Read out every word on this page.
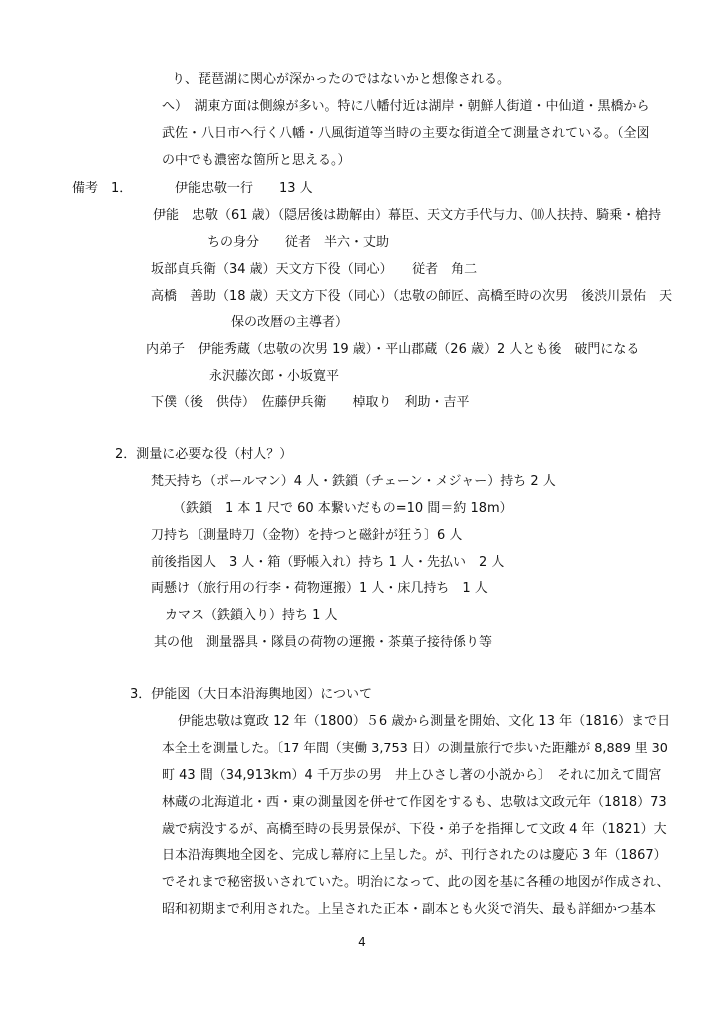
り、琵琶湖に関心が深かったのではないかと想像される。
へ）　湖東方面は側線が多い。特に八幡付近は湖岸・朝鮮人街道・中仙道・黒橋から
武佐・八日市へ行く八幡・八風街道等当時の主要な街道全て測量されている。（全図
の中でも濃密な箇所と思える。）
備考　1．	伊能忠敬一行　　13 人
伊能　忠敬（61 歳）（隠居後は勘解由）幕臣、天文方手代与力、⑽人扶持、騎乗・槍持
ちの身分　　従者　半六・丈助
坂部貞兵衛（34 歳）天文方下役（同心）　　従者　角二
高橋　善助（18 歳）天文方下役（同心）（忠敬の師匠、高橋至時の次男　後渋川景佑　天
保の改暦の主導者）
内弟子　伊能秀蔵（忠敬の次男 19 歳）・平山郡蔵（26 歳）2 人とも後　破門になる
永沢藤次郎・小坂寛平
下僕（後　供侍）　佐藤伊兵衛　　棹取り　利助・吉平
2．測量に必要な役（村人？）
梵天持ち（ポールマン）4 人・鉄鎖（チェーン・メジャー）持ち 2 人
（鉄鎖　1 本 1 尺で 60 本繋いだもの=10 間＝約 18m）
刀持ち〔測量時刀（金物）を持つと磁針が狂う〕6 人
前後指図人　3 人・箱（野帳入れ）持ち 1 人・先払い　2 人
両懸け（旅行用の行李・荷物運搬）1 人・床几持ち　1 人
カマス（鉄鎖入り）持ち 1 人
其の他　測量器具・隊員の荷物の運搬・茶菓子接待係り等
3．伊能図（大日本沿海輿地図）について
伊能忠敬は寛政 12 年（1800）５6 歳から測量を開始、文化 13 年（1816）まで日
本全土を測量した。〔17 年間（実働 3,753 日）の測量旅行で歩いた距離が 8,889 里 30
町 43 間（34,913km）4 千万歩の男　井上ひさし著の小説から〕　それに加えて間宮
林蔵の北海道北・西・東の測量図を併せて作図をするも、忠敬は文政元年（1818）73
歳で病没するが、高橋至時の長男景保が、下役・弟子を指揮して文政 4 年（1821）大
日本沿海輿地全図を、完成し幕府に上呈した。が、刊行されたのは慶応 3 年（1867）
でそれまで秘密扱いされていた。明治になって、此の図を基に各種の地図が作成され、
昭和初期まで利用された。上呈された正本・副本とも火災で消失、最も詳細かつ基本
4
